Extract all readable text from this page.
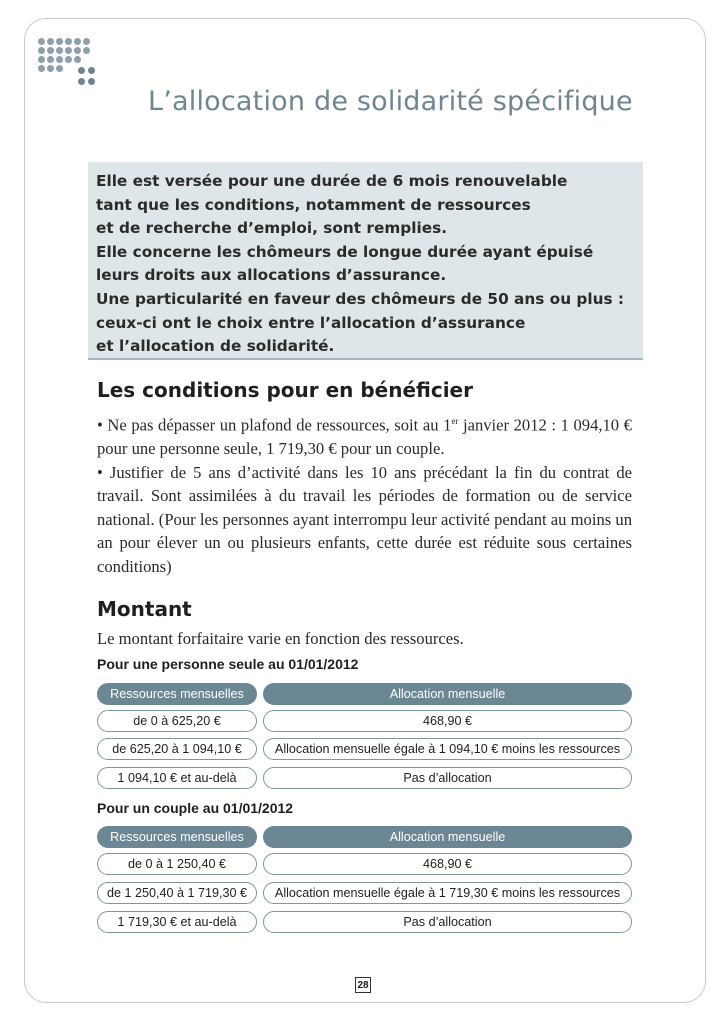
L’allocation de solidarité spécifique

Elle est versée pour une durée de 6 mois renouvelable

tant que les conditions, notamment de ressources

et de recherche d’emploi, sont remplies.

Elle concerne les chômeurs de longue durée ayant épuisé

leurs droits aux allocations d’assurance.

Une particularité en faveur des chômeurs de 50 ans ou plus :

ceux-ci ont le choix entre l’allocation d’assurance

et l’allocation de solidarité.

Les conditions pour en bénéficier

• Ne pas dépasser un plafond de ressources, soit au 1er janvier 2012 : 1 094,10 € pour une personne seule, 1 719,30 € pour un couple.

• Justifier de 5 ans d’activité dans les 10 ans précédant la fin du contrat de travail. Sont assimilées à du travail les périodes de formation ou de service national. (Pour les personnes ayant interrompu leur activité pendant au moins un an pour élever un ou plusieurs enfants, cette durée est réduite sous certaines conditions)

Montant

Le montant forfaitaire varie en fonction des ressources.

Pour une personne seule au 01/01/2012
Ressources mensuelles	Allocation mensuelle
de 0 à 625,20 €	468,90 €
de 625,20 à 1 094,10 €	Allocation mensuelle égale à 1 094,10 € moins les ressources
1 094,10 € et au-delà	Pas d’allocation
Pour un couple au 01/01/2012
Ressources mensuelles	Allocation mensuelle
de 0 à 1 250,40 €	468,90 €
de 1 250,40 à 1 719,30 €	Allocation mensuelle égale à 1 719,30 € moins les ressources
1 719,30 € et au-delà	Pas d’allocation
28
